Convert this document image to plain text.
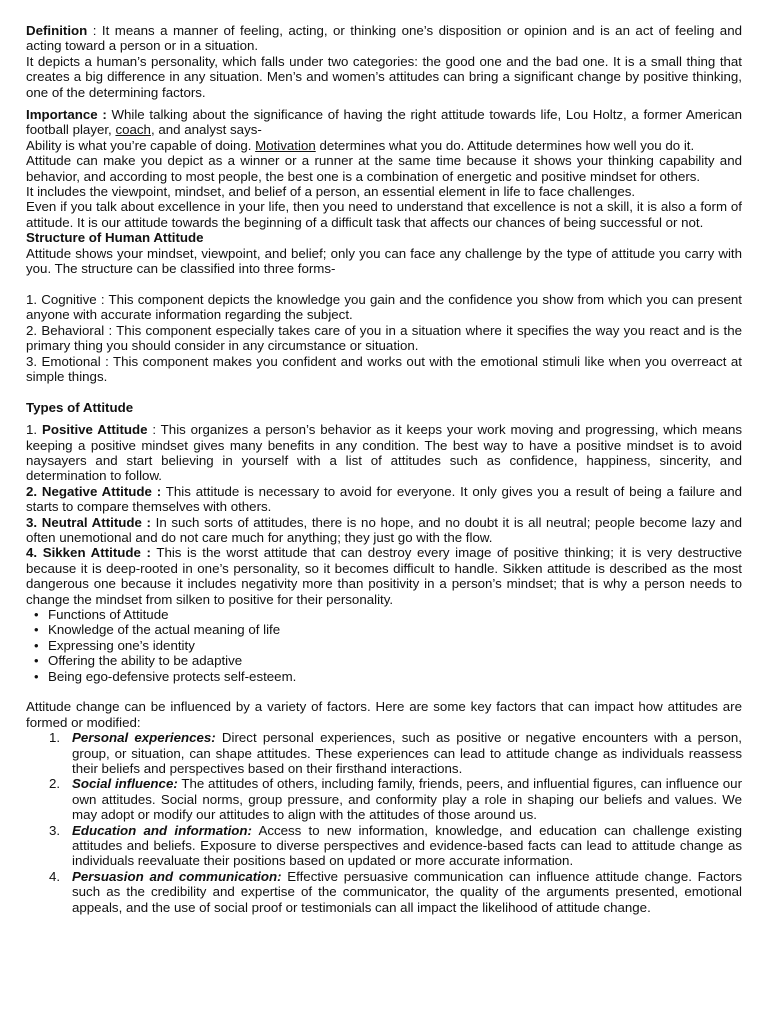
Definition : It means a manner of feeling, acting, or thinking one’s disposition or opinion and is an act of feeling and acting toward a person or in a situation.

It depicts a human’s personality, which falls under two categories: the good one and the bad one. It is a small thing that creates a big difference in any situation. Men’s and women’s attitudes can bring a significant change by positive thinking, one of the determining factors.

Importance : While talking about the significance of having the right attitude towards life, Lou Holtz, a former American football player, coach, and analyst says-

Ability is what you’re capable of doing. Motivation determines what you do. Attitude determines how well you do it.

Attitude can make you depict as a winner or a runner at the same time because it shows your thinking capability and behavior, and according to most people, the best one is a combination of energetic and positive mindset for others.

It includes the viewpoint, mindset, and belief of a person, an essential element in life to face challenges.

Even if you talk about excellence in your life, then you need to understand that excellence is not a skill, it is also a form of attitude. It is our attitude towards the beginning of a difficult task that affects our chances of being successful or not.

Structure of Human Attitude

Attitude shows your mindset, viewpoint, and belief; only you can face any challenge by the type of attitude you carry with you. The structure can be classified into three forms-

1. Cognitive : This component depicts the knowledge you gain and the confidence you show from which you can present anyone with accurate information regarding the subject.

2. Behavioral : This component especially takes care of you in a situation where it specifies the way you react and is the primary thing you should consider in any circumstance or situation.

3. Emotional : This component makes you confident and works out with the emotional stimuli like when you overreact at simple things.

Types of Attitude

1. Positive Attitude : This organizes a person’s behavior as it keeps your work moving and progressing, which means keeping a positive mindset gives many benefits in any condition. The best way to have a positive mindset is to avoid naysayers and start believing in yourself with a list of attitudes such as confidence, happiness, sincerity, and determination to follow.

2. Negative Attitude : This attitude is necessary to avoid for everyone. It only gives you a result of being a failure and starts to compare themselves with others.

3. Neutral Attitude : In such sorts of attitudes, there is no hope, and no doubt it is all neutral; people become lazy and often unemotional and do not care much for anything; they just go with the flow.

4. Sikken Attitude : This is the worst attitude that can destroy every image of positive thinking; it is very destructive because it is deep-rooted in one’s personality, so it becomes difficult to handle. Sikken attitude is described as the most dangerous one because it includes negativity more than positivity in a person’s mindset; that is why a person needs to change the mindset from silken to positive for their personality.

• Functions of Attitude
• Knowledge of the actual meaning of life
• Expressing one’s identity
• Offering the ability to be adaptive
• Being ego-defensive protects self-esteem.

Attitude change can be influenced by a variety of factors. Here are some key factors that can impact how attitudes are formed or modified:

1. Personal experiences: Direct personal experiences, such as positive or negative encounters with a person, group, or situation, can shape attitudes. These experiences can lead to attitude change as individuals reassess their beliefs and perspectives based on their firsthand interactions.
2. Social influence: The attitudes of others, including family, friends, peers, and influential figures, can influence our own attitudes. Social norms, group pressure, and conformity play a role in shaping our beliefs and values. We may adopt or modify our attitudes to align with the attitudes of those around us.
3. Education and information: Access to new information, knowledge, and education can challenge existing attitudes and beliefs. Exposure to diverse perspectives and evidence-based facts can lead to attitude change as individuals reevaluate their positions based on updated or more accurate information.
4. Persuasion and communication: Effective persuasive communication can influence attitude change. Factors such as the credibility and expertise of the communicator, the quality of the arguments presented, emotional appeals, and the use of social proof or testimonials can all impact the likelihood of attitude change.
